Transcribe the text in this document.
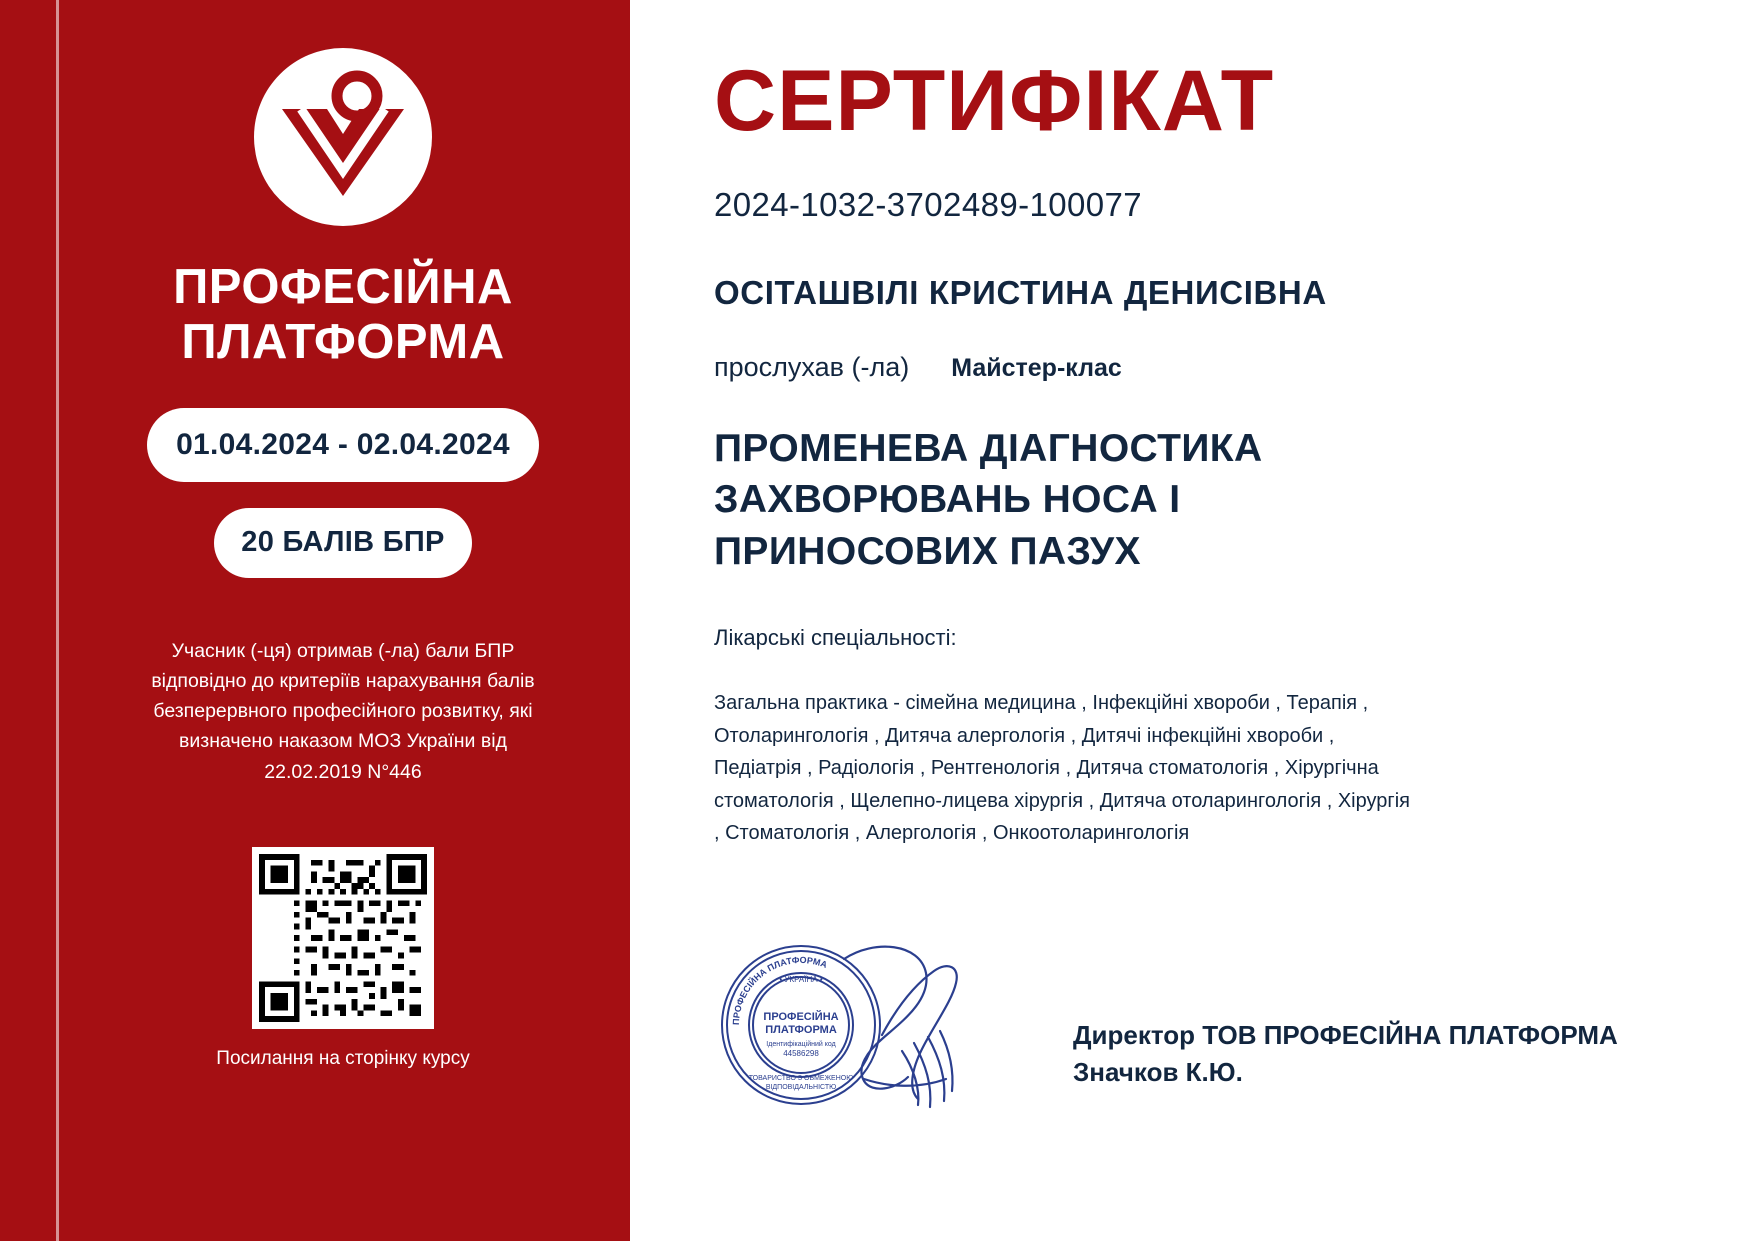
ПРОФЕСІЙНА
ПЛАТФОРМА
01.04.2024 - 02.04.2024
20 БАЛІВ БПР
Учасник (-ця) отримав (-ла) бали БПР відповідно до критеріїв нарахування балів безперервного професійного розвитку, які визначено наказом МОЗ України від 22.02.2019 N°446
Посилання на сторінку курсу
СЕРТИФІКАТ
2024-1032-3702489-100077
ОСІТАШВІЛІ КРИСТИНА ДЕНИСІВНА
прослухав (-ла) Майстер-клас
ПРОМЕНЕВА ДІАГНОСТИКА ЗАХВОРЮВАНЬ НОСА І ПРИНОСОВИХ ПАЗУХ
Лікарські спеціальності:
Загальна практика - сімейна медицина , Інфекційні хвороби , Терапія , Отоларингологія , Дитяча алергологія , Дитячі інфекційні хвороби , Педіатрія , Радіологія , Рентгенологія , Дитяча стоматологія , Хірургічна стоматологія , Щелепно-лицева хірургія , Дитяча отоларингологія , Хірургія , Стоматологія , Алергологія , Онкоотоларингологія
ПРОФЕСІЙНА ПЛАТФОРМА
• УКРАЇНА •
ПРОФЕСІЙНА
ПЛАТФОРМА
Ідентифікаційний код
44586298
ТОВАРИСТВО З ОБМЕЖЕНОЮ
ВІДПОВІДАЛЬНІСТЮ
Директор ТОВ ПРОФЕСІЙНА ПЛАТФОРМА
Значков К.Ю.
